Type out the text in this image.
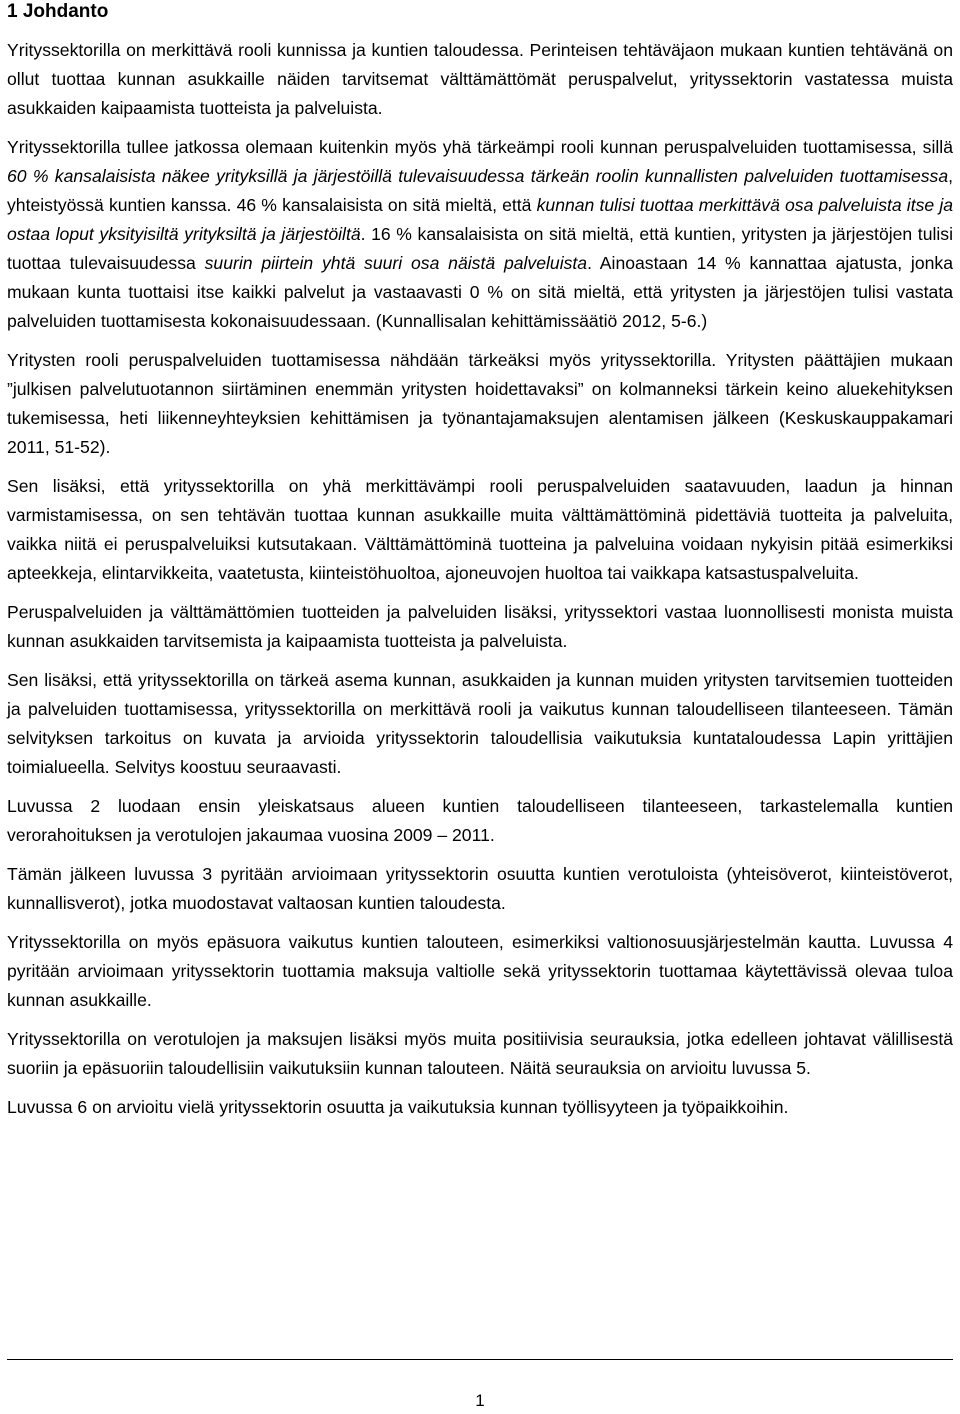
1 Johdanto

Yrityssektorilla on merkittävä rooli kunnissa ja kuntien taloudessa. Perinteisen tehtäväjaon mukaan kuntien tehtävänä on ollut tuottaa kunnan asukkaille näiden tarvitsemat välttämättömät peruspalvelut, yrityssektorin vastatessa muista asukkaiden kaipaamista tuotteista ja palveluista.

Yrityssektorilla tullee jatkossa olemaan kuitenkin myös yhä tärkeämpi rooli kunnan peruspalveluiden tuottamisessa, sillä 60 % kansalaisista näkee yrityksillä ja järjestöillä tulevaisuudessa tärkeän roolin kunnallisten palveluiden tuottamisessa, yhteistyössä kuntien kanssa. 46 % kansalaisista on sitä mieltä, että kunnan tulisi tuottaa merkittävä osa palveluista itse ja ostaa loput yksityisiltä yrityksiltä ja järjestöiltä. 16 % kansalaisista on sitä mieltä, että kuntien, yritysten ja järjestöjen tulisi tuottaa tulevaisuudessa suurin piirtein yhtä suuri osa näistä palveluista. Ainoastaan 14 % kannattaa ajatusta, jonka mukaan kunta tuottaisi itse kaikki palvelut ja vastaavasti 0 % on sitä mieltä, että yritysten ja järjestöjen tulisi vastata palveluiden tuottamisesta kokonaisuudessaan. (Kunnallisalan kehittämissäätiö 2012, 5-6.)

Yritysten rooli peruspalveluiden tuottamisessa nähdään tärkeäksi myös yrityssektorilla. Yritysten päättäjien mukaan ”julkisen palvelutuotannon siirtäminen enemmän yritysten hoidettavaksi” on kolmanneksi tärkein keino aluekehityksen tukemisessa, heti liikenneyhteyksien kehittämisen ja työnantajamaksujen alentamisen jälkeen (Keskuskauppakamari 2011, 51-52).

Sen lisäksi, että yrityssektorilla on yhä merkittävämpi rooli peruspalveluiden saatavuuden, laadun ja hinnan varmistamisessa, on sen tehtävän tuottaa kunnan asukkaille muita välttämättöminä pidettäviä tuotteita ja palveluita, vaikka niitä ei peruspalveluiksi kutsutakaan. Välttämättöminä tuotteina ja palveluina voidaan nykyisin pitää esimerkiksi apteekkeja, elintarvikkeita, vaatetusta, kiinteistöhuoltoa, ajoneuvojen huoltoa tai vaikkapa katsastuspalveluita.

Peruspalveluiden ja välttämättömien tuotteiden ja palveluiden lisäksi, yrityssektori vastaa luonnollisesti monista muista kunnan asukkaiden tarvitsemista ja kaipaamista tuotteista ja palveluista.

Sen lisäksi, että yrityssektorilla on tärkeä asema kunnan, asukkaiden ja kunnan muiden yritysten tarvitsemien tuotteiden ja palveluiden tuottamisessa, yrityssektorilla on merkittävä rooli ja vaikutus kunnan taloudelliseen tilanteeseen. Tämän selvityksen tarkoitus on kuvata ja arvioida yrityssektorin taloudellisia vaikutuksia kuntataloudessa Lapin yrittäjien toimialueella. Selvitys koostuu seuraavasti.

Luvussa 2 luodaan ensin yleiskatsaus alueen kuntien taloudelliseen tilanteeseen, tarkastelemalla kuntien verorahoituksen ja verotulojen jakaumaa vuosina 2009 – 2011.

Tämän jälkeen luvussa 3 pyritään arvioimaan yrityssektorin osuutta kuntien verotuloista (yhteisöverot, kiinteistöverot, kunnallisverot), jotka muodostavat valtaosan kuntien taloudesta.

Yrityssektorilla on myös epäsuora vaikutus kuntien talouteen, esimerkiksi valtionosuusjärjestelmän kautta. Luvussa 4 pyritään arvioimaan yrityssektorin tuottamia maksuja valtiolle sekä yrityssektorin tuottamaa käytettävissä olevaa tuloa kunnan asukkaille.

Yrityssektorilla on verotulojen ja maksujen lisäksi myös muita positiivisia seurauksia, jotka edelleen johtavat välillisestä suoriin ja epäsuoriin taloudellisiin vaikutuksiin kunnan talouteen. Näitä seurauksia on arvioitu luvussa 5.

Luvussa 6 on arvioitu vielä yrityssektorin osuutta ja vaikutuksia kunnan työllisyyteen ja työpaikkoihin.

1
